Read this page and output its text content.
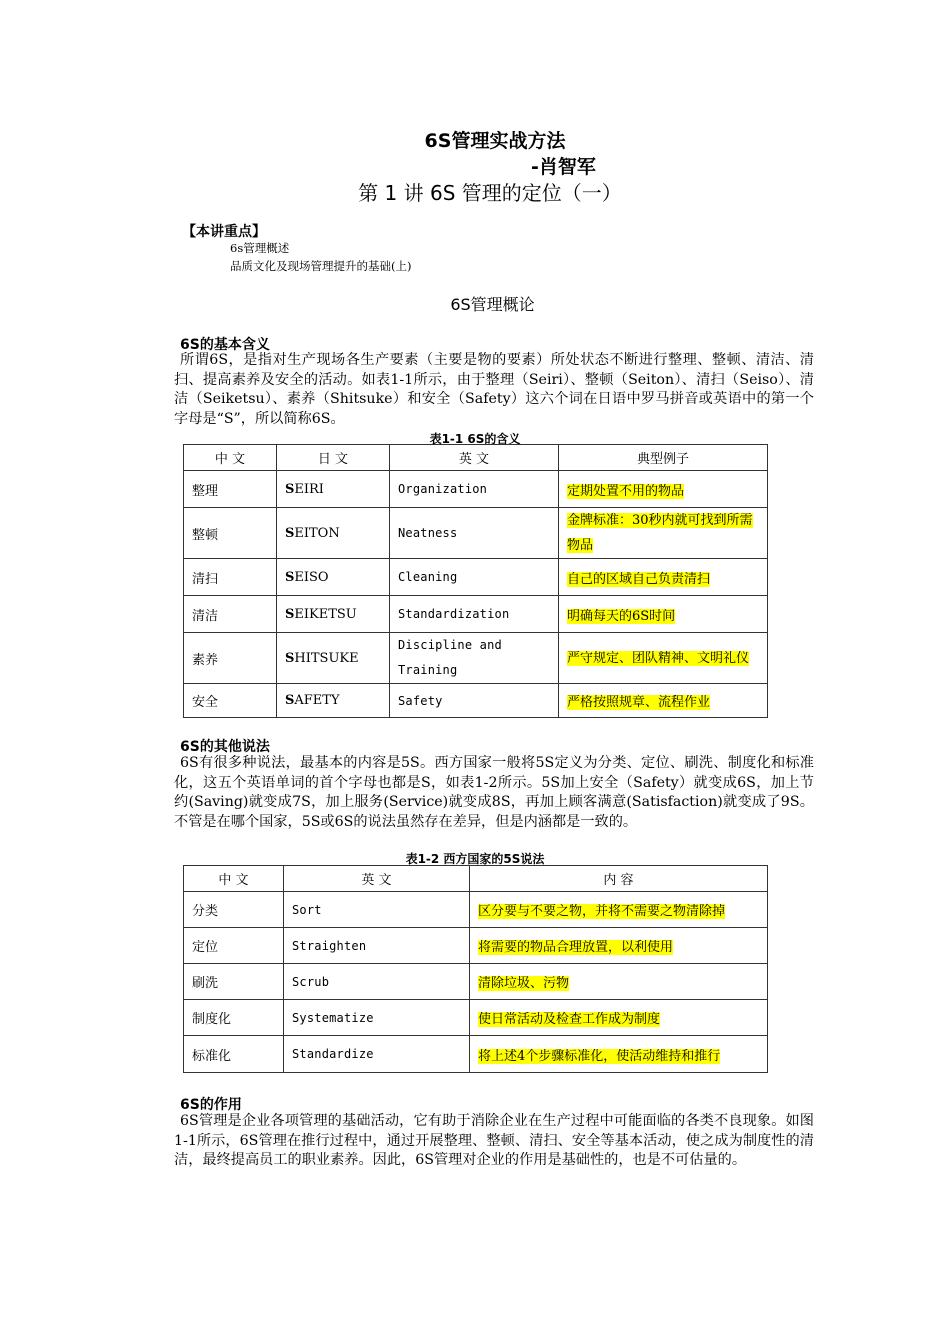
6S管理实战方法
-肖智军
第 1 讲 6S 管理的定位（一）
【本讲重点】
6s管理概述
品质文化及现场管理提升的基础(上)
6S管理概论
6S的基本含义
所谓6S，是指对生产现场各生产要素（主要是物的要素）所处状态不断进行整理、整顿、清洁、清扫、提高素养及安全的活动。如表1-1所示，由于整理（Seiri）、整顿（Seiton）、清扫（Seiso）、清洁（Seiketsu）、素养（Shitsuke）和安全（Safety）这六个词在日语中罗马拼音或英语中的第一个字母是“S”，所以简称6S。
表1-1 6S的含义
中 文	日 文	英 文	典型例子
整理	SEIRI	Organization	定期处置不用的物品
整顿	SEITON	Neatness	金牌标准：30秒内就可找到所需物品
清扫	SEISO	Cleaning	自己的区域自己负责清扫
清洁	SEIKETSU	Standardization	明确每天的6S时间
素养	SHITSUKE	Discipline and Training	严守规定、团队精神、文明礼仪
安全	SAFETY	Safety	严格按照规章、流程作业
6S的其他说法
6S有很多种说法，最基本的内容是5S。西方国家一般将5S定义为分类、定位、刷洗、制度化和标准化，这五个英语单词的首个字母也都是S，如表1-2所示。5S加上安全（Safety）就变成6S，加上节约(Saving)就变成7S，加上服务(Service)就变成8S，再加上顾客满意(Satisfaction)就变成了9S。不管是在哪个国家，5S或6S的说法虽然存在差异，但是内涵都是一致的。
表1-2 西方国家的5S说法
中 文	英 文	内 容
分类	Sort	区分要与不要之物，并将不需要之物清除掉
定位	Straighten	将需要的物品合理放置，以利使用
刷洗	Scrub	清除垃圾、污物
制度化	Systematize	使日常活动及检查工作成为制度
标准化	Standardize	将上述4个步骤标准化，使活动维持和推行
6S的作用
6S管理是企业各项管理的基础活动，它有助于消除企业在生产过程中可能面临的各类不良现象。如图1-1所示，6S管理在推行过程中，通过开展整理、整顿、清扫、安全等基本活动，使之成为制度性的清洁，最终提高员工的职业素养。因此，6S管理对企业的作用是基础性的，也是不可估量的。
